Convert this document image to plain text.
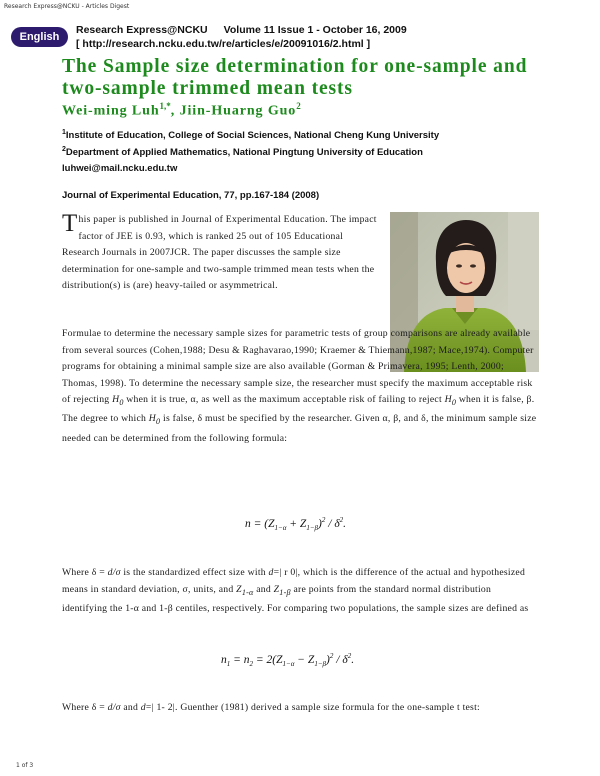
Research Express@NCKU - Articles Digest
English
Research Express@NCKU Volume 11 Issue 1 - October 16, 2009
[ http://research.ncku.edu.tw/re/articles/e/20091016/2.html ]
The Sample size determination for one-sample and two-sample trimmed mean tests
Wei-ming Luh$^{1,*}$, Jiin-Huarng Guo$^2$
$^1$Institute of Education, College of Social Sciences, National Cheng Kung University
$^2$Department of Applied Mathematics, National Pingtung University of Education
luhwei@mail.ncku.edu.tw
Journal of Experimental Education, 77, pp.167-184 (2008)
This paper is published in Journal of Experimental Education. The impact factor of JEE is 0.93, which is ranked 25 out of 105 Educational Research Journals in 2007JCR. The paper discusses the sample size determination for one-sample and two-sample trimmed mean tests when the distribution(s) is (are) heavy-tailed or asymmetrical.
Formulae to determine the necessary sample sizes for parametric tests of group comparisons are already available from several sources (Cohen,1988; Desu & Raghavarao,1990; Kraemer & Thiemann,1987; Mace,1974). Computer programs for obtaining a minimal sample size are also available (Gorman & Primavera, 1995; Lenth, 2000; Thomas, 1998). To determine the necessary sample size, the researcher must specify the maximum acceptable risk of rejecting $H_0$ when it is true, α, as well as the maximum acceptable risk of failing to reject $H_0$ when it is false, β. The degree to which $H_0$ is false, δ must be specified by the researcher. Given α, β, and δ, the minimum sample size needed can be determined from the following formula:
$n = (Z_{1-\alpha} + Z_{1-\beta})^2 / \delta^2$.
Where δ = d/σ is the standardized effect size with d=| r 0|, which is the difference of the actual and hypothesized means in standard deviation, σ, units, and $Z_{1-\alpha}$ and $Z_{1-\beta}$ are points from the standard normal distribution identifying the 1-α and 1-β centiles, respectively. For comparing two populations, the sample sizes are defined as
$n_1 = n_2 = 2(Z_{1-\alpha} - Z_{1-\beta})^2 / \delta^2$.
Where δ = d/σ and d=| 1- 2|. Guenther (1981) derived a sample size formula for the one-sample t test:
1 of 3
